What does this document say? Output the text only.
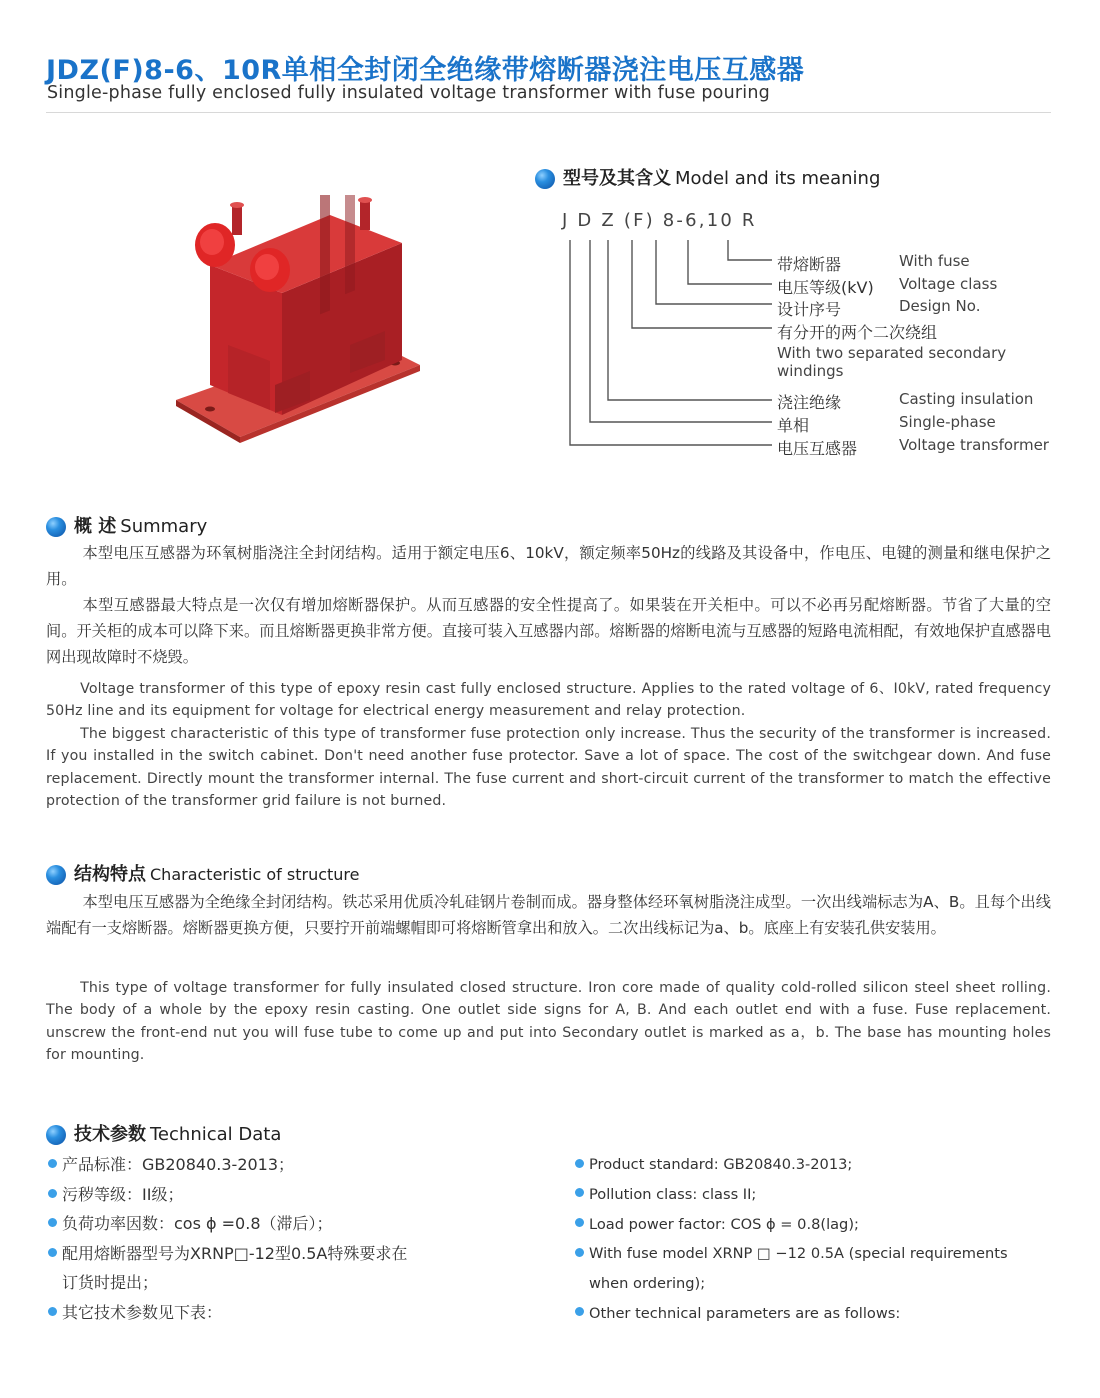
JDZ(F)8-6、10R单相全封闭全绝缘带熔断器浇注电压互感器
Single-phase fully enclosed fully insulated voltage transformer with fuse pouring
型号及其含义 Model and its meaning
J D Z (F) 8-6,10 R
带熔断器	With fuse
电压等级(kV) Voltage class
设计序号	Design No.
有分开的两个二次绕组
With two separated secondary windings
浇注绝缘	Casting insulation
单相	Single-phase
电压互感器	Voltage transformer
概 述 Summary
本型电压互感器为环氧树脂浇注全封闭结构。适用于额定电压6、10kV，额定频率50Hz的线路及其设备中，作电压、电键的测量和继电保护之用。
本型互感器最大特点是一次仅有增加熔断器保护。从而互感器的安全性提高了。如果装在开关柜中。可以不必再另配熔断器。节省了大量的空间。开关柜的成本可以降下来。而且熔断器更换非常方便。直接可装入互感器内部。熔断器的熔断电流与互感器的短路电流相配，有效地保护直感器电网出现故障时不烧毁。
Voltage transformer of this type of epoxy resin cast fully enclosed structure. Applies to the rated voltage of 6、I0kV, rated frequency 50Hz line and its equipment for voltage for electrical energy measurement and relay protection.
The biggest characteristic of this type of transformer fuse protection only increase. Thus the security of the transformer is increased. If you installed in the switch cabinet. Don't need another fuse protector. Save a lot of space. The cost of the switchgear down. And fuse replacement. Directly mount the transformer internal. The fuse current and short-circuit current of the transformer to match the effective protection of the transformer grid failure is not burned.
结构特点 Characteristic of structure
本型电压互感器为全绝缘全封闭结构。铁芯采用优质冷轧硅钢片卷制而成。器身整体经环氧树脂浇注成型。一次出线端标志为A、B。且每个出线端配有一支熔断器。熔断器更换方便，只要拧开前端螺帽即可将熔断管拿出和放入。二次出线标记为a、b。底座上有安装孔供安装用。
This type of voltage transformer for fully insulated closed structure. Iron core made of quality cold-rolled silicon steel sheet rolling. The body of a whole by the epoxy resin casting. One outlet side signs for A, B. And each outlet end with a fuse. Fuse replacement. unscrew the front-end nut you will fuse tube to come up and put into Secondary outlet is marked as a，b. The base has mounting holes for mounting.
技术参数 Technical Data
产品标准：GB20840.3-2013；
污秽等级：II级；
负荷功率因数：cos ɸ =0.8（滞后）；
配用熔断器型号为XRNP□-12型0.5A特殊要求在
订货时提出；
其它技术参数见下表：
Product standard: GB20840.3-2013;
Pollution class: class II;
Load power factor: COS ɸ = 0.8(lag);
With fuse model XRNP □ −12 0.5A (special requirements
when ordering);
Other technical parameters are as follows:
